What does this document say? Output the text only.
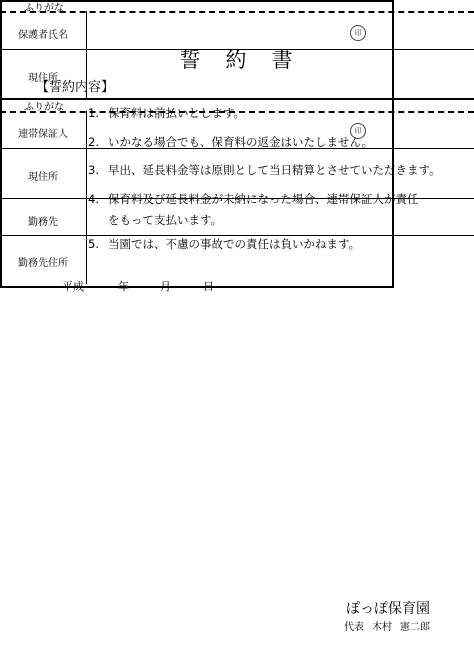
誓　約　書
【誓約内容】
1. 保育料は前払いとします。
2. いかなる場合でも、保育料の返金はいたしません。
3. 早出、延長料金等は原則として当日精算とさせていただきます。
4. 保育料及び延長料金が未納になった場合、連帯保証人が責任
をもって支払います。
5. 当園では、不慮の事故での責任は負いかねます。
平成	年	月	日
ふりがな
保護者氏名	印
現住所
ふりがな
連帯保証人	印
現住所
勤務先
勤務先住所
ぽっぽ保育園
代表 木村 憲二郎
